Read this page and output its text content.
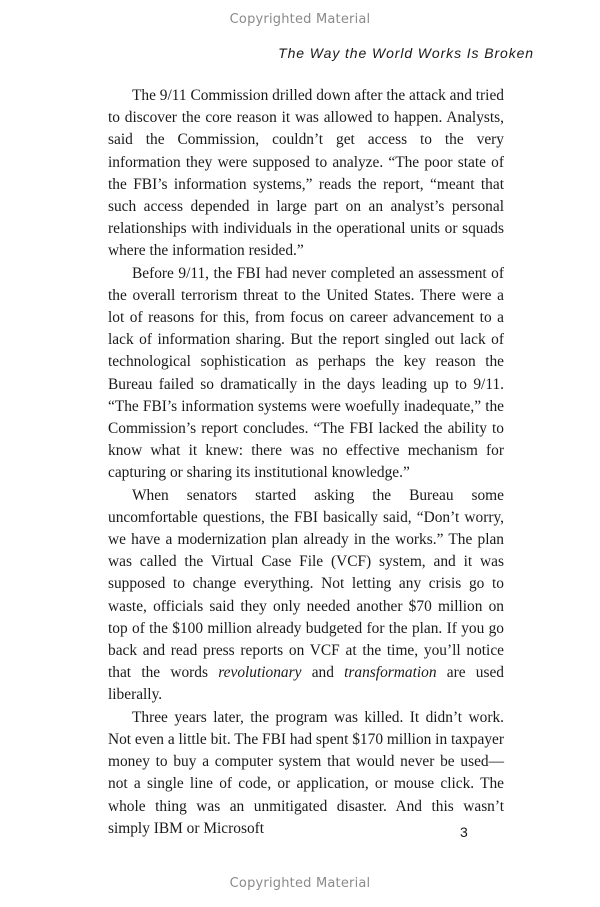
Copyrighted Material
The Way the World Works Is Broken

The 9/11 Commission drilled down after the attack and tried to discover the core reason it was allowed to happen. Analysts, said the Commission, couldn’t get access to the very information they were supposed to analyze. “The poor state of the FBI’s information systems,” reads the report, “meant that such access depended in large part on an analyst’s personal relationships with individuals in the operational units or squads where the information resided.”

Before 9/11, the FBI had never completed an assessment of the overall terrorism threat to the United States. There were a lot of reasons for this, from focus on career advancement to a lack of information sharing. But the report singled out lack of technological sophistication as perhaps the key reason the Bureau failed so dramatically in the days leading up to 9/11. “The FBI’s information systems were woefully inadequate,” the Commission’s report concludes. “The FBI lacked the ability to know what it knew: there was no effective mechanism for capturing or sharing its institutional knowledge.”

When senators started asking the Bureau some uncomfortable questions, the FBI basically said, “Don’t worry, we have a modernization plan already in the works.” The plan was called the Virtual Case File (VCF) system, and it was supposed to change everything. Not letting any crisis go to waste, officials said they only needed another $70 million on top of the $100 million already budgeted for the plan. If you go back and read press reports on VCF at the time, you’ll notice that the words revolutionary and transformation are used liberally.

Three years later, the program was killed. It didn’t work. Not even a little bit. The FBI had spent $170 million in taxpayer money to buy a computer system that would never be used—not a single line of code, or application, or mouse click. The whole thing was an unmitigated disaster. And this wasn’t simply IBM or Microsoft	3
Copyrighted Material
